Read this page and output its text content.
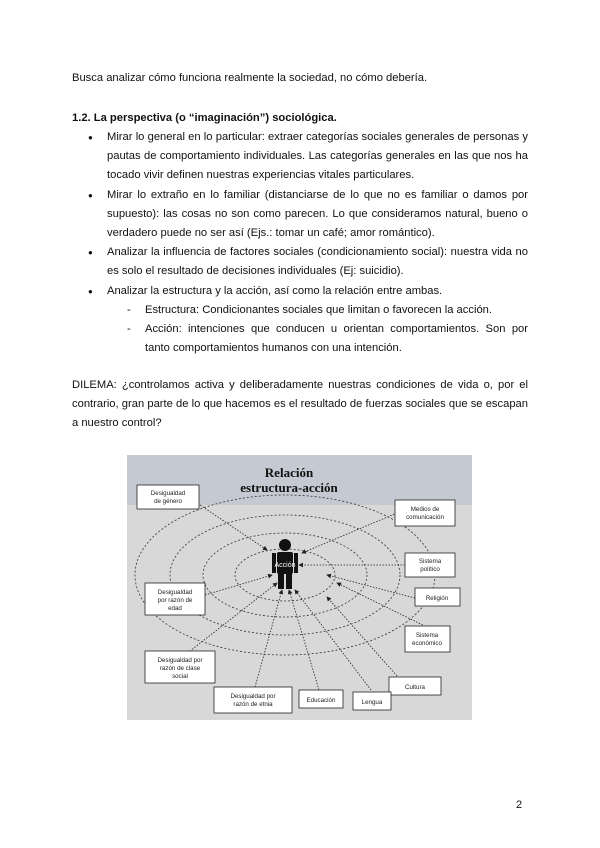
Busca analizar cómo funciona realmente la sociedad, no cómo debería.

1.2. La perspectiva (o “imaginación”) sociológica.

● Mirar lo general en lo particular: extraer categorías sociales generales de personas y pautas de comportamiento individuales. Las categorías generales en las que nos ha tocado vivir definen nuestras experiencias vitales particulares.
● Mirar lo extraño en lo familiar (distanciarse de lo que no es familiar o damos por supuesto): las cosas no son como parecen. Lo que consideramos natural, bueno o verdadero puede no ser así (Ejs.: tomar un café; amor romántico).
● Analizar la influencia de factores sociales (condicionamiento social): nuestra vida no es solo el resultado de decisiones individuales (Ej: suicidio).
● Analizar la estructura y la acción, así como la relación entre ambas.
- Estructura: Condicionantes sociales que limitan o favorecen la acción.
- Acción: intenciones que conducen u orientan comportamientos. Son por tanto comportamientos humanos con una intención.

DILEMA: ¿controlamos activa y deliberadamente nuestras condiciones de vida o, por el contrario, gran parte de lo que hacemos es el resultado de fuerzas sociales que se escapan a nuestro control?

Relación
estructura-acción
Acción
Desigualdad
de género
Medios de
comunicación
Sistema
político
Religión
Desigualdad
por razón de
edad
Sistema
económico
Desigualdad por
razón de clase
social
Cultura
Desigualdad por
razón de etnia
Educación	Lengua
2
